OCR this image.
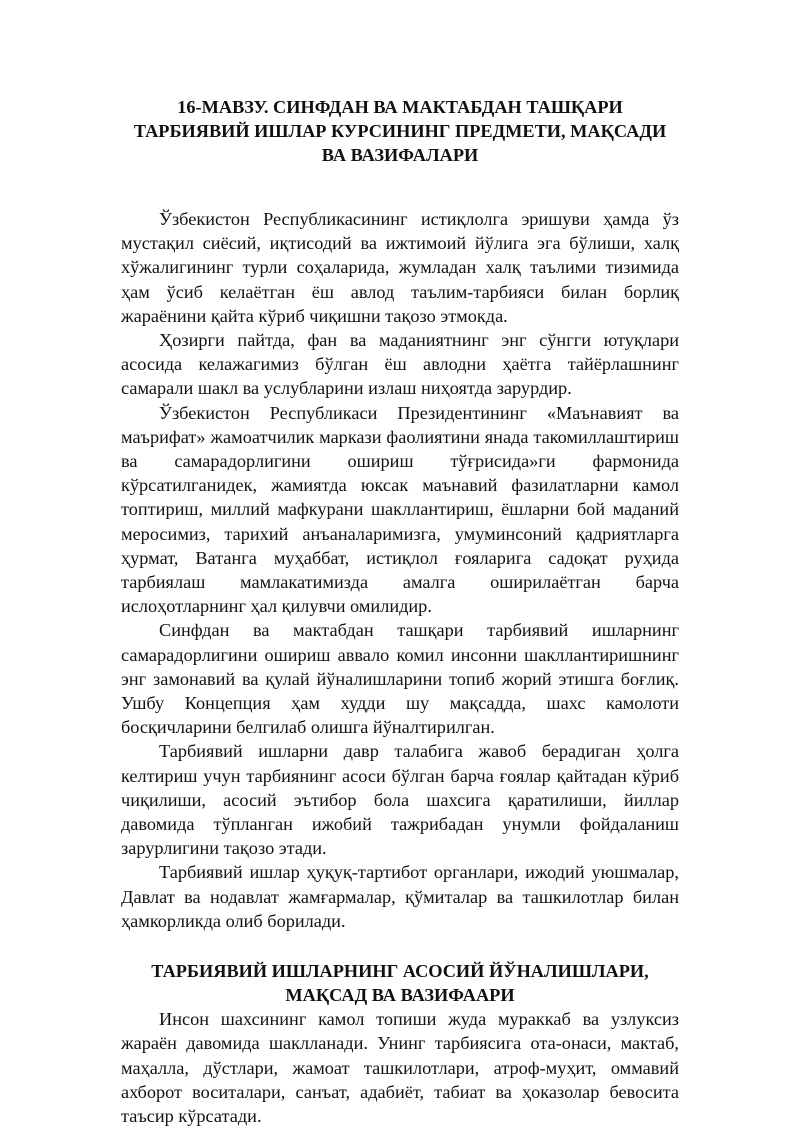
16-МАВЗУ. СИНФДАН ВА МАКТАБДАН ТАШҚАРИ
ТАРБИЯВИЙ ИШЛАР КУРСИНИНГ ПРЕДМЕТИ, МАҚСАДИ
ВА ВАЗИФАЛАРИ

Ўзбекистон Республикасининг истиқлолга эришуви ҳамда ўз мустақил сиёсий, иқтисодий ва ижтимоий йўлига эга бўлиши, халқ хўжалигининг турли соҳаларида, жумладан халқ таълими тизимида ҳам ўсиб келаётган ёш авлод таълим-тарбияси билан борлиқ жараёнини қайта кўриб чиқишни тақозо этмокда.

Ҳозирги пайтда, фан ва маданиятнинг энг сўнгги ютуқлари асосида келажагимиз бўлган ёш авлодни ҳаётга тайёрлашнинг самарали шакл ва услубларини излаш ниҳоятда зарурдир.

Ўзбекистон Республикаси Президентининг «Маънавият ва маърифат» жамоатчилик маркази фаолиятини янада такомиллаштириш ва самарадорлигини ошириш тўғрисида»ги фармонида кўрсатилганидек, жамиятда юксак маънавий фазилатларни камол топтириш, миллий мафкурани шакллантириш, ёшларни бой маданий меросимиз, тарихий анъаналаримизга, умуминсоний қадриятларга ҳурмат, Ватанга муҳаббат, истиқлол ғояларига садоқат руҳида тарбиялаш мамлакатимизда амалга оширилаётган барча ислоҳотларнинг ҳал қилувчи омилидир.

Синфдан ва мактабдан ташқари тарбиявий ишларнинг самарадорлигини ошириш аввало комил инсонни шакллантиришнинг энг замонавий ва қулай йўналишларини топиб жорий этишга боғлиқ. Ушбу Концепция ҳам худди шу мақсадда, шахс камолоти босқичларини белгилаб олишга йўналтирилган.

Тарбиявий ишларни давр талабига жавоб берадиган ҳолга келтириш учун тарбиянинг асоси бўлган барча ғоялар қайтадан кўриб чиқилиши, асосий эътибор бола шахсига қаратилиши, йиллар давомида тўпланган ижобий тажрибадан унумли фойдаланиш зарурлигини тақозо этади.

Тарбиявий ишлар ҳуқуқ-тартибот органлари, ижодий уюшмалар, Давлат ва нодавлат жамғармалар, қўмиталар ва ташкилотлар билан ҳамкорликда олиб борилади.

ТАРБИЯВИЙ ИШЛАРНИНГ АСОСИЙ ЙЎНАЛИШЛАРИ,
МАҚСАД ВА ВАЗИФААРИ

Инсон шахсининг камол топиши жуда мураккаб ва узлуксиз жараён давомида шаклланади. Унинг тарбиясига ота-онаси, мактаб, маҳалла, дўстлари, жамоат ташкилотлари, атроф-муҳит, оммавий ахборот воситалари, санъат, адабиёт, табиат ва ҳоказолар бевосита таъсир кўрсатади.
